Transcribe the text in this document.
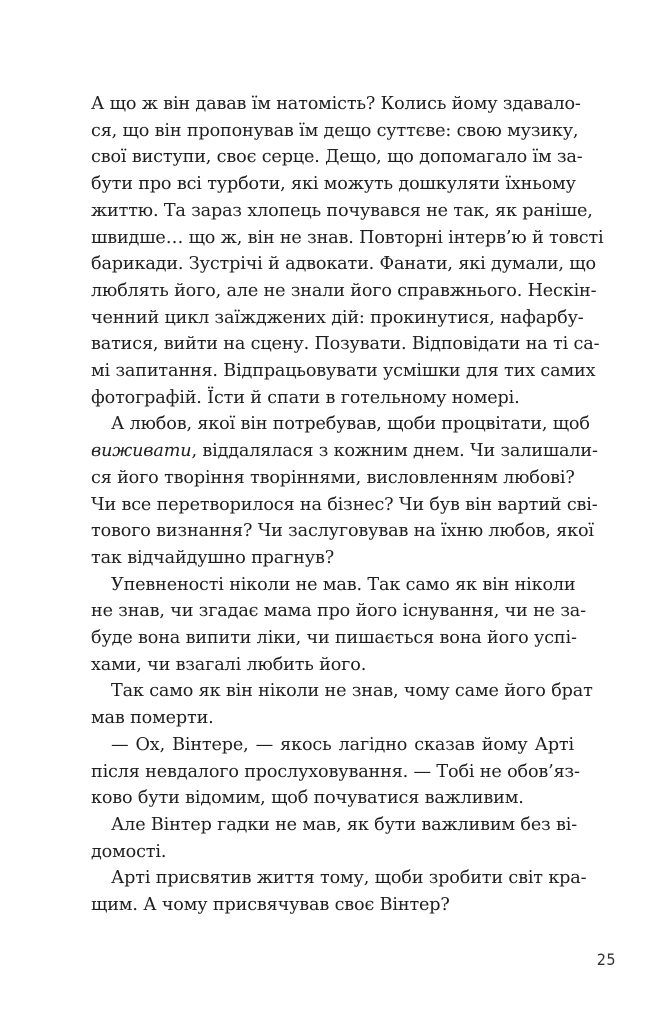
А що ж він давав їм натомість? Колись йому здавало-
ся, що він пропонував їм дещо суттєве: свою музику,
свої виступи, своє серце. Дещо, що допомагало їм за-
бути про всі турботи, які можуть дошкуляти їхньому
життю. Та зараз хлопець почувався не так, як раніше,
швидше… що ж, він не знав. Повторні інтерв’ю й товсті
барикади. Зустрічі й адвокати. Фанати, які думали, що
люблять його, але не знали його справжнього. Нескін-
ченний цикл заїжджених дій: прокинутися, нафарбу-
ватися, вийти на сцену. Позувати. Відповідати на ті са-
мі запитання. Відпрацьовувати усмішки для тих самих
фотографій. Їсти й спати в готельному номері.
А любов, якої він потребував, щоби процвітати, щоб
виживати, віддалялася з кожним днем. Чи залишали-
ся його творіння творіннями, висловленням любові?
Чи все перетворилося на бізнес? Чи був він вартий сві-
тового визнання? Чи заслуговував на їхню любов, якої
так відчайдушно прагнув?
Упевненості ніколи не мав. Так само як він ніколи
не знав, чи згадає мама про його існування, чи не за-
буде вона випити ліки, чи пишається вона його успі-
хами, чи взагалі любить його.
Так само як він ніколи не знав, чому саме його брат
мав померти.
— Ох, Вінтере, — якось лагідно сказав йому Арті
після невдалого прослуховування. — Тобі не обов’яз-
ково бути відомим, щоб почуватися важливим.
Але Вінтер гадки не мав, як бути важливим без ві-
домості.
Арті присвятив життя тому, щоби зробити світ кра-
щим. А чому присвячував своє Вінтер?
25
